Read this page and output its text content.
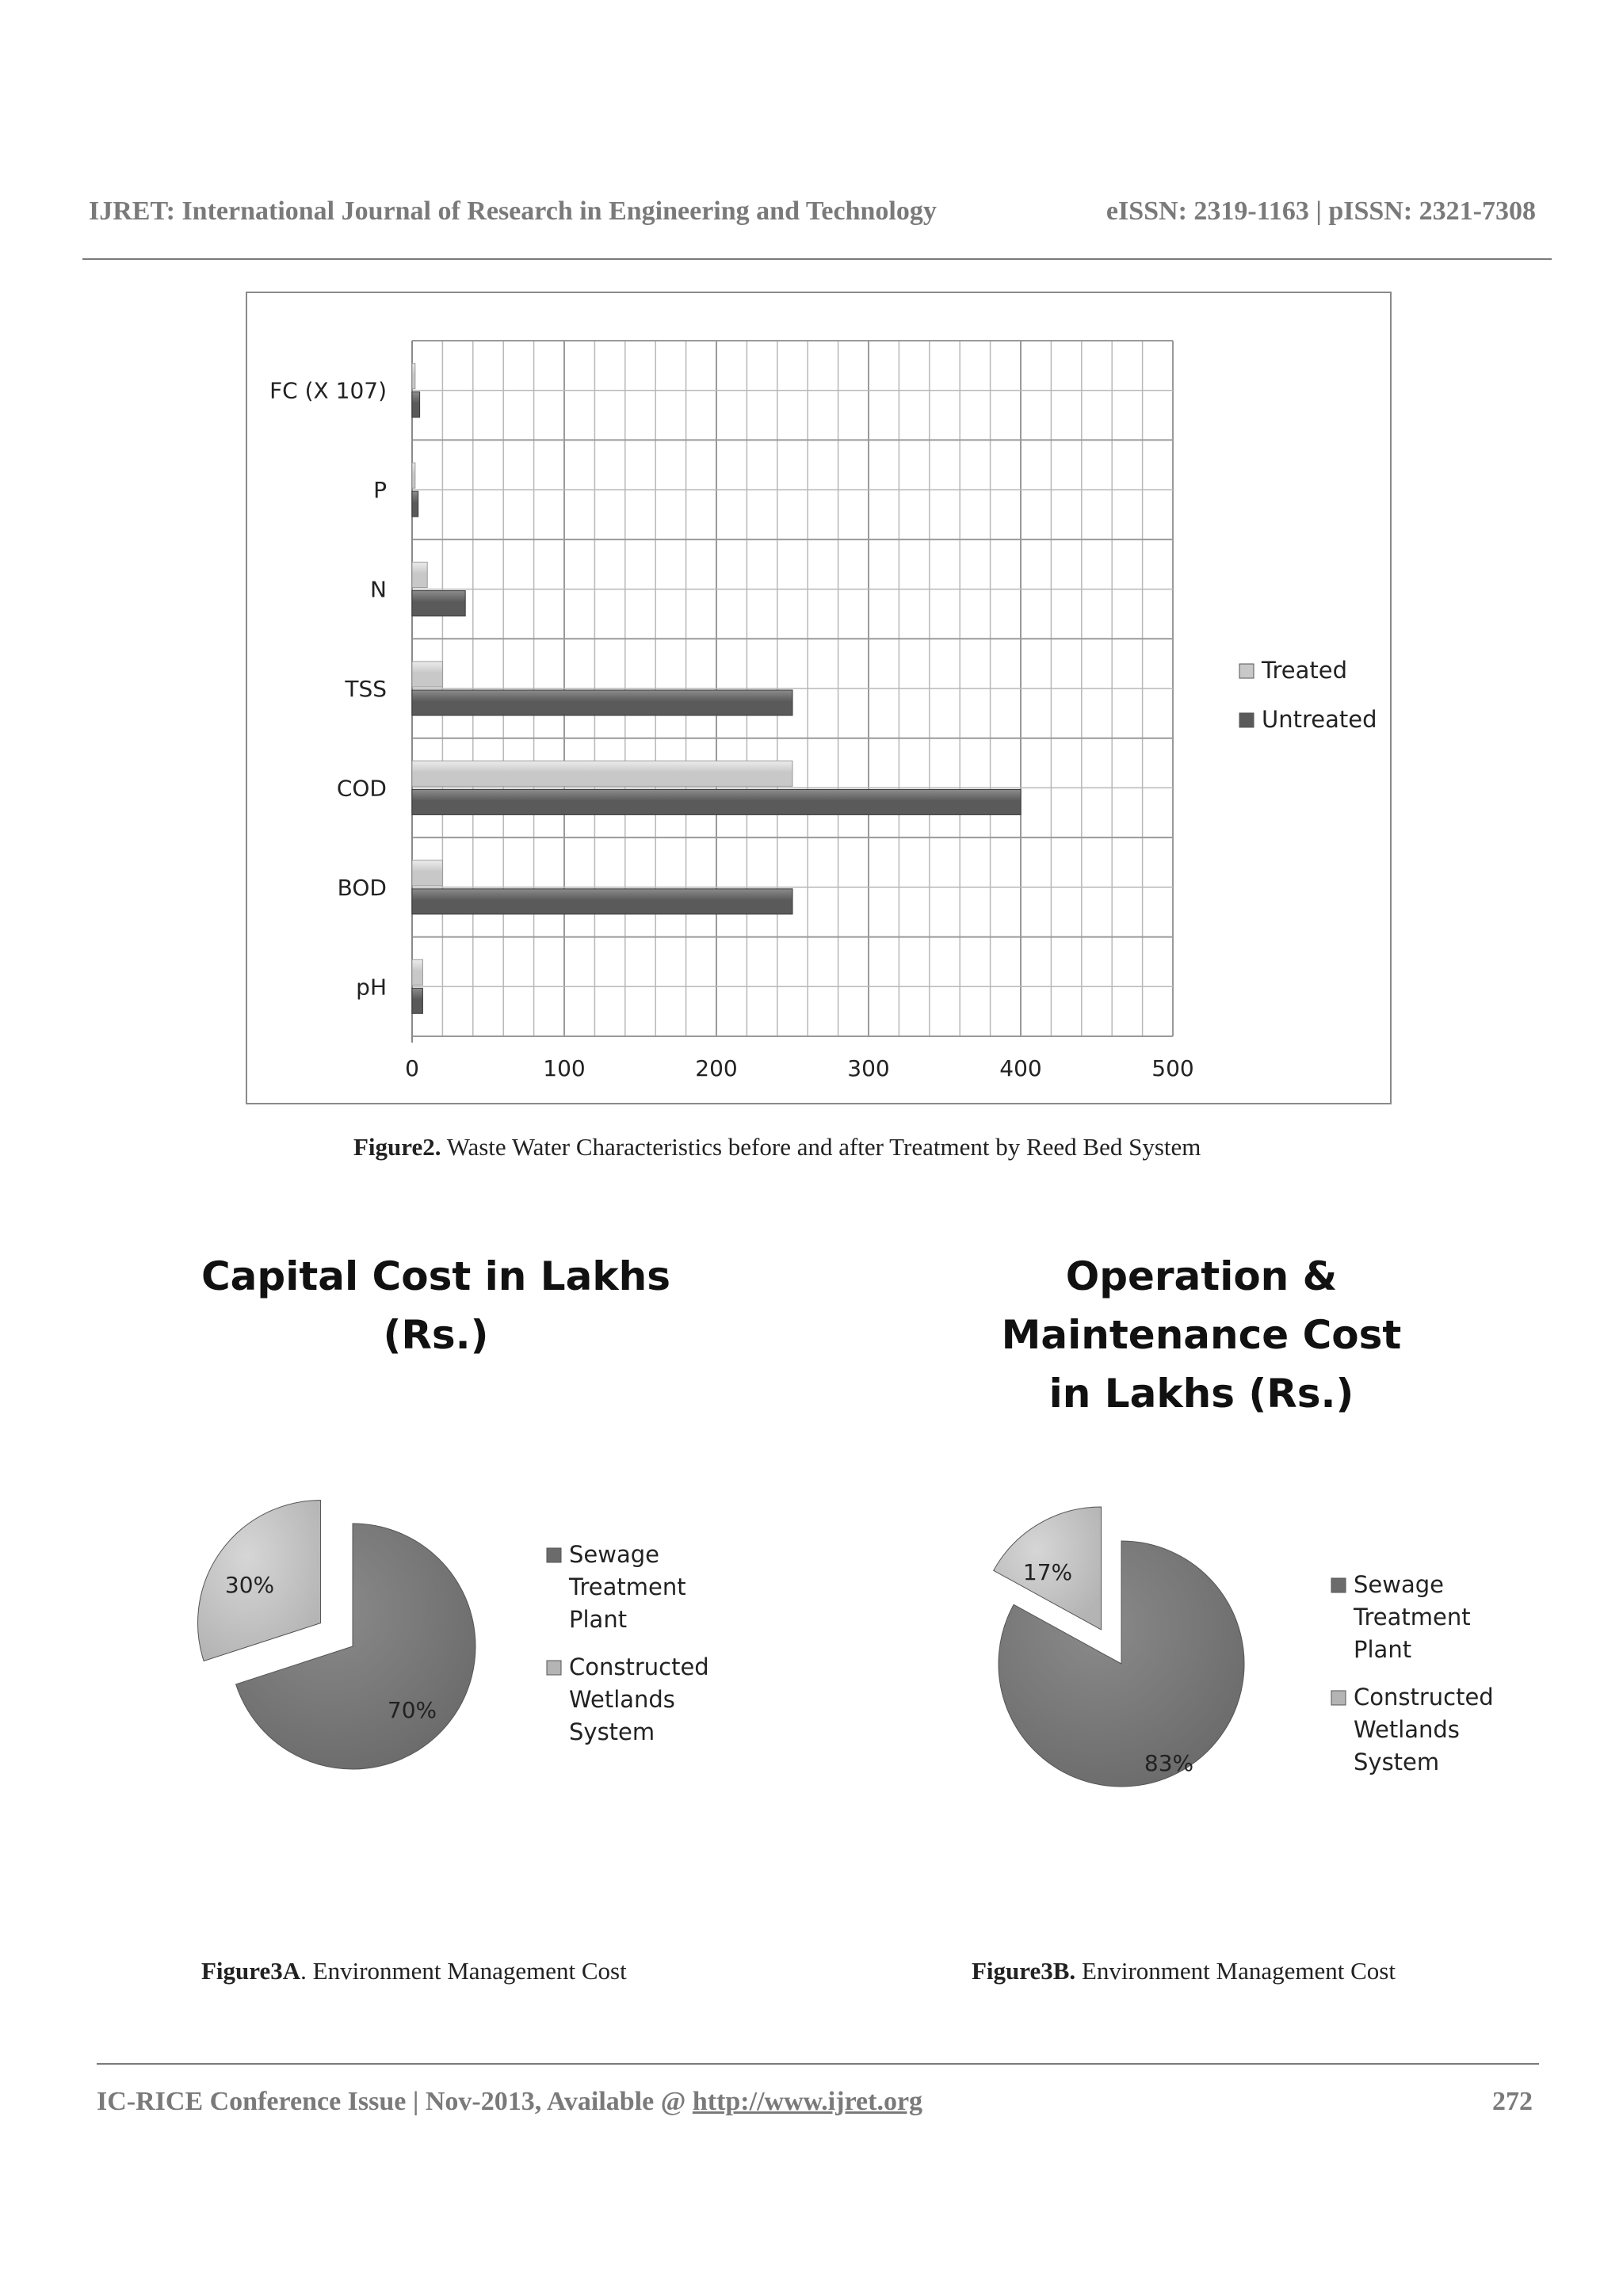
IJRET: International Journal of Research in Engineering and Technology	eISSN: 2319-1163 | pISSN: 2321-7308
0	100	200	300	400	500
pH
BOD
COD
TSS
N
P
FC (X 107)
Treated
Untreated
Figure2. Waste Water Characteristics before and after Treatment by Reed Bed System
Capital Cost in Lakhs (Rs.)
70%
30%
Sewage Treatment Plant
Constructed Wetlands System
Operation & Maintenance Cost in Lakhs (Rs.)
83%
17%	Sewage Treatment Plant
Constructed Wetlands System
Figure3A. Environment Management Cost	Figure3B. Environment Management Cost
IC-RICE Conference Issue | Nov-2013, Available @ http://www.ijret.org	272
